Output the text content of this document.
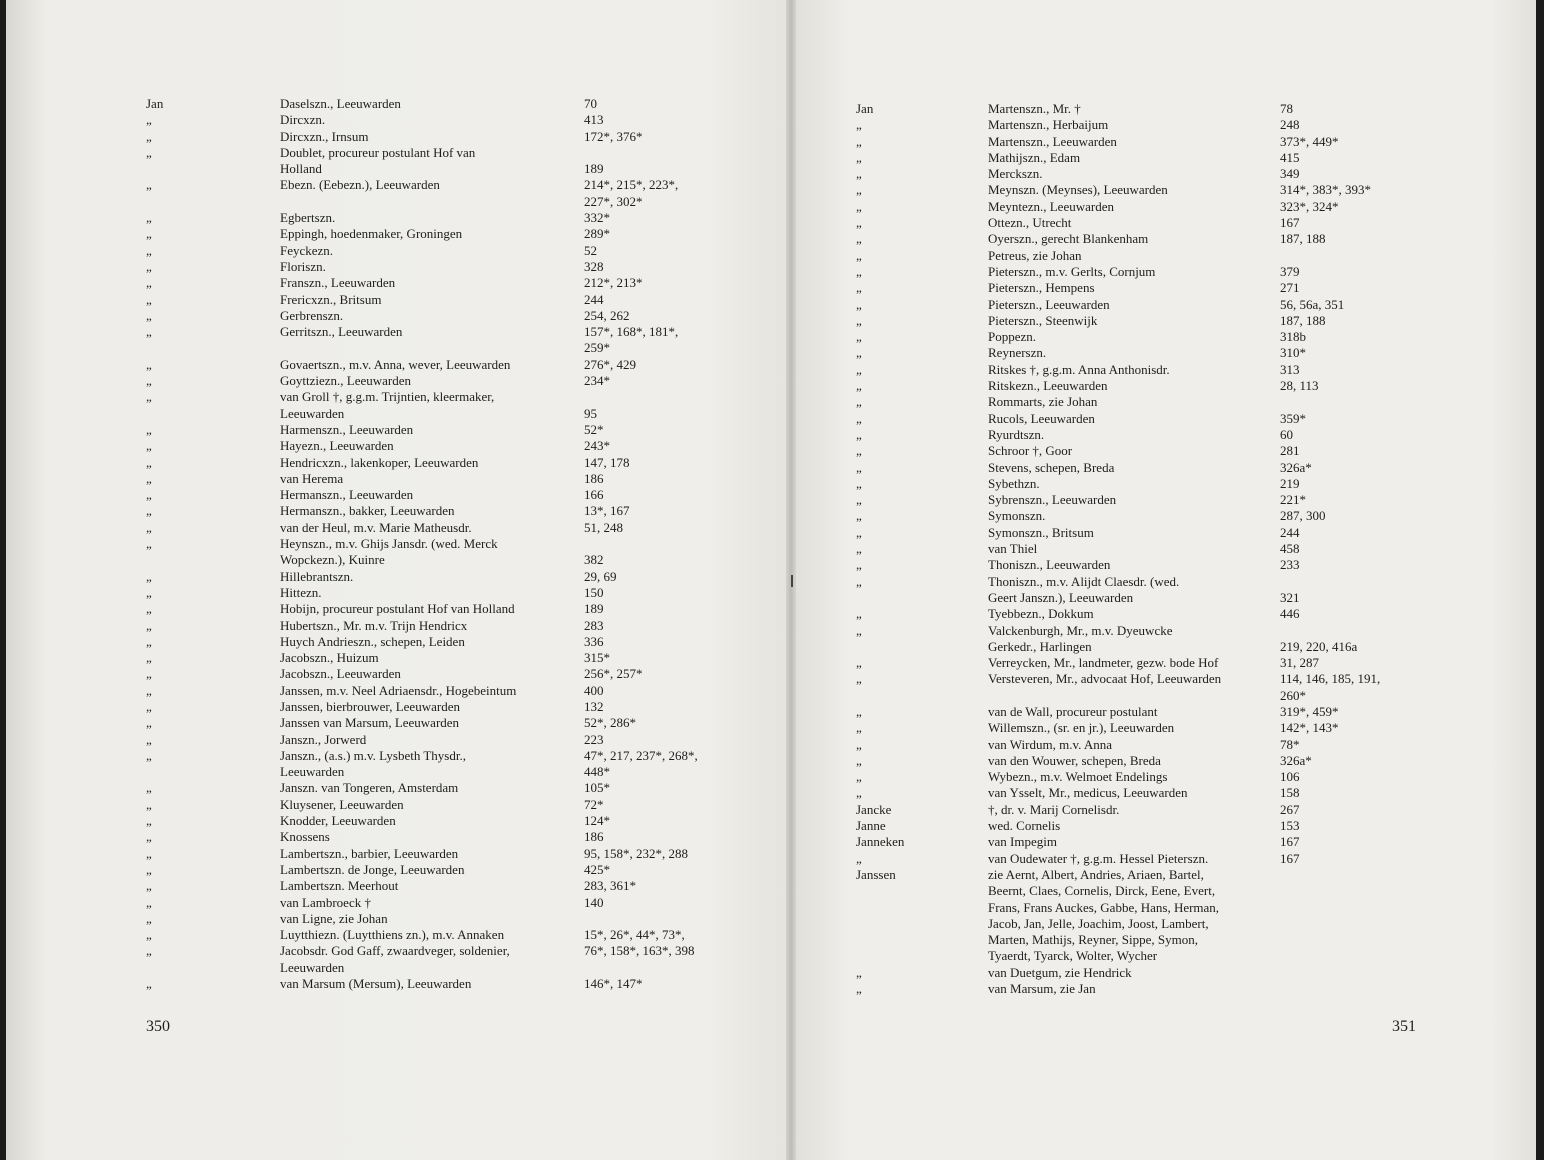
Jan	Daselszn., Leeuwarden	70
„	Dircxzn.	413
„	Dircxzn., Irnsum	172*, 376*
„	Doublet, procureur postulant Hof van
Holland	189
„	Ebezn. (Eebezn.), Leeuwarden	214*, 215*, 223*,
227*, 302*
„	Egbertszn.	332*
„	Eppingh, hoedenmaker, Groningen	289*
„	Feyckezn.	52
„	Floriszn.	328
„	Franszn., Leeuwarden	212*, 213*
„	Frericxzn., Britsum	244
„	Gerbrenszn.	254, 262
„	Gerritszn., Leeuwarden	157*, 168*, 181*,
259*
„	Govaertszn., m.v. Anna, wever, Leeuwarden	276*, 429
„	Goyttziezn., Leeuwarden	234*
„	van Groll †, g.g.m. Trijntien, kleermaker,
Leeuwarden	95
„	Harmenszn., Leeuwarden	52*
„	Hayezn., Leeuwarden	243*
„	Hendricxzn., lakenkoper, Leeuwarden	147, 178
„	van Herema	186
„	Hermanszn., Leeuwarden	166
„	Hermanszn., bakker, Leeuwarden	13*, 167
„	van der Heul, m.v. Marie Matheusdr.	51, 248
„	Heynszn., m.v. Ghijs Jansdr. (wed. Merck
Wopckezn.), Kuinre	382
„	Hillebrantszn.	29, 69
„	Hittezn.	150
„	Hobijn, procureur postulant Hof van Holland	189
„	Hubertszn., Mr. m.v. Trijn Hendricx	283
„	Huych Andrieszn., schepen, Leiden	336
„	Jacobszn., Huizum	315*
„	Jacobszn., Leeuwarden	256*, 257*
„	Janssen, m.v. Neel Adriaensdr., Hogebeintum	400
„	Janssen, bierbrouwer, Leeuwarden	132
„	Janssen van Marsum, Leeuwarden	52*, 286*
„	Janszn., Jorwerd	223
„	Janszn., (a.s.) m.v. Lysbeth Thysdr.,	47*, 217, 237*, 268*,
Leeuwarden	448*
„	Janszn. van Tongeren, Amsterdam	105*
„	Kluysener, Leeuwarden	72*
„	Knodder, Leeuwarden	124*
„	Knossens	186
„	Lambertszn., barbier, Leeuwarden	95, 158*, 232*, 288
„	Lambertszn. de Jonge, Leeuwarden	425*
„	Lambertszn. Meerhout	283, 361*
„	van Lambroeck †	140
„	van Ligne, zie Johan
„	Luytthiezn. (Luytthiens zn.), m.v. Annaken	15*, 26*, 44*, 73*,
„	Jacobsdr. God Gaff, zwaardveger, soldenier,	76*, 158*, 163*, 398
Leeuwarden
„	van Marsum (Mersum), Leeuwarden	146*, 147*
350
Jan	Martenszn., Mr. †	78
„	Martenszn., Herbaijum	248
„	Martenszn., Leeuwarden	373*, 449*
„	Mathijszn., Edam	415
„	Merckszn.	349
„	Meynszn. (Meynses), Leeuwarden	314*, 383*, 393*
„	Meyntezn., Leeuwarden	323*, 324*
„	Ottezn., Utrecht	167
„	Oyerszn., gerecht Blankenham	187, 188
„	Petreus, zie Johan
„	Pieterszn., m.v. Gerlts, Cornjum	379
„	Pieterszn., Hempens	271
„	Pieterszn., Leeuwarden	56, 56a, 351
„	Pieterszn., Steenwijk	187, 188
„	Poppezn.	318b
„	Reynerszn.	310*
„	Ritskes †, g.g.m. Anna Anthonisdr.	313
„	Ritskezn., Leeuwarden	28, 113
„	Rommarts, zie Johan
„	Rucols, Leeuwarden	359*
„	Ryurdtszn.	60
„	Schroor †, Goor	281
„	Stevens, schepen, Breda	326a*
„	Sybethzn.	219
„	Sybrenszn., Leeuwarden	221*
„	Symonszn.	287, 300
„	Symonszn., Britsum	244
„	van Thiel	458
„	Thoniszn., Leeuwarden	233
„	Thoniszn., m.v. Alijdt Claesdr. (wed.
Geert Janszn.), Leeuwarden	321
„	Tyebbezn., Dokkum	446
„	Valckenburgh, Mr., m.v. Dyeuwcke
Gerkedr., Harlingen	219, 220, 416a
„	Verreycken, Mr., landmeter, gezw. bode Hof	31, 287
„	Versteveren, Mr., advocaat Hof, Leeuwarden	114, 146, 185, 191,
260*
„	van de Wall, procureur postulant	319*, 459*
„	Willemszn., (sr. en jr.), Leeuwarden	142*, 143*
„	van Wirdum, m.v. Anna	78*
„	van den Wouwer, schepen, Breda	326a*
„	Wybezn., m.v. Welmoet Endelings	106
„	van Ysselt, Mr., medicus, Leeuwarden	158
Jancke	†, dr. v. Marij Cornelisdr.	267
Janne	wed. Cornelis	153
Janneken	van Impegim	167
„	van Oudewater †, g.g.m. Hessel Pieterszn.	167
Janssen	zie Aernt, Albert, Andries, Ariaen, Bartel,
Beernt, Claes, Cornelis, Dirck, Eene, Evert,
Frans, Frans Auckes, Gabbe, Hans, Herman,
Jacob, Jan, Jelle, Joachim, Joost, Lambert,
Marten, Mathijs, Reyner, Sippe, Symon,
Tyaerdt, Tyarck, Wolter, Wycher
„	van Duetgum, zie Hendrick
„	van Marsum, zie Jan
351
